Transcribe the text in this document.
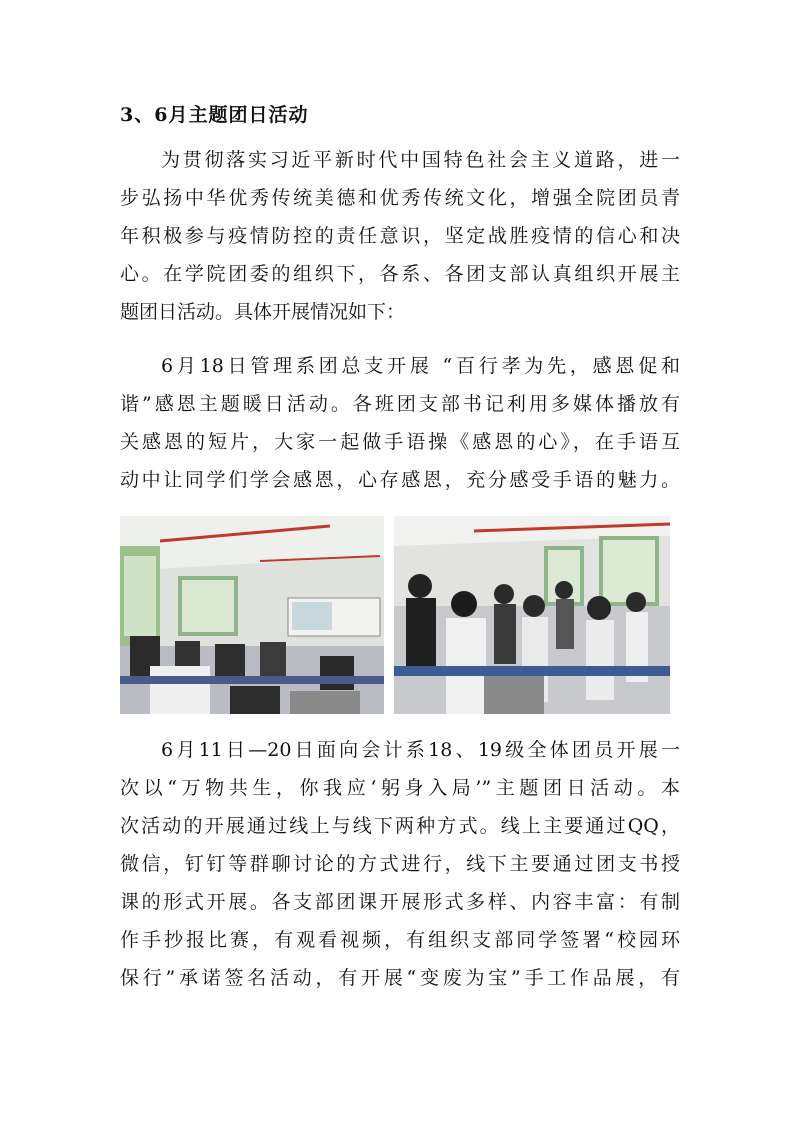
3、6月主题团日活动
为贯彻落实习近平新时代中国特色社会主义道路，进一
步弘扬中华优秀传统美德和优秀传统文化，增强全院团员青
年积极参与疫情防控的责任意识，坚定战胜疫情的信心和决
心。在学院团委的组织下，各系、各团支部认真组织开展主
题团日活动。具体开展情况如下：
6月18日管理系团总支开展 “百行孝为先，感恩促和
谐”感恩主题暖日活动。各班团支部书记利用多媒体播放有
关感恩的短片，大家一起做手语操《感恩的心》，在手语互
动中让同学们学会感恩，心存感恩，充分感受手语的魅力。
6月11日—20日面向会计系18、19级全体团员开展一
次以“万物共生，你我应‘躬身入局’”主题团日活动。本
次活动的开展通过线上与线下两种方式。线上主要通过QQ，
微信，钉钉等群聊讨论的方式进行，线下主要通过团支书授
课的形式开展。各支部团课开展形式多样、内容丰富：有制
作手抄报比赛，有观看视频，有组织支部同学签署“校园环
保行”承诺签名活动，有开展“变废为宝”手工作品展，有
